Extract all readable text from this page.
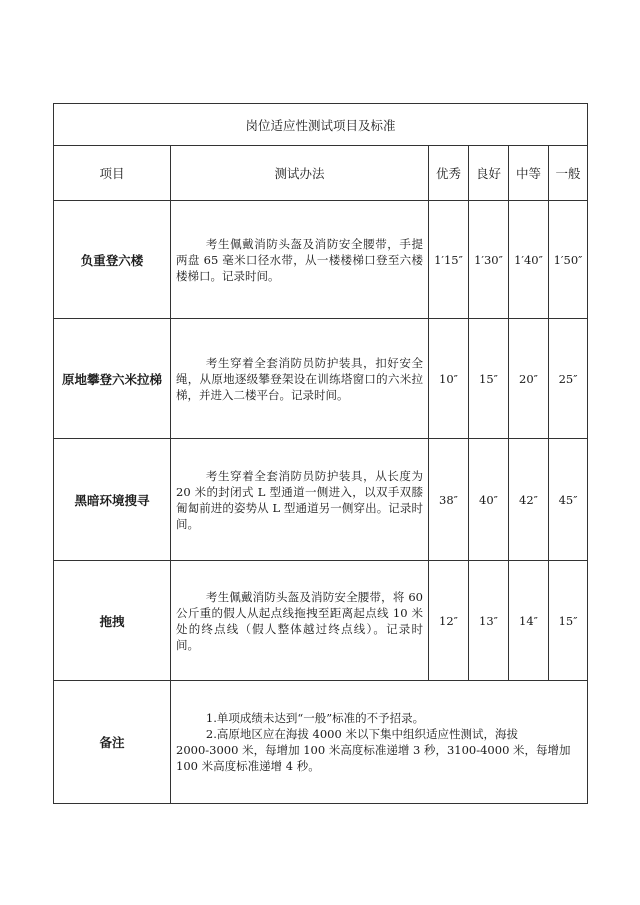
岗位适应性测试项目及标准					
项目	测试办法	优秀	良好	中等	一般
负重登六楼	考生佩戴消防头盔及消防安全腰带，手提两盘 65 毫米口径水带，从一楼楼梯口登至六楼楼梯口。记录时间。	1′15″	1′30″	1′40″	1′50″
原地攀登六米拉梯	考生穿着全套消防员防护装具，扣好安全绳，从原地逐级攀登架设在训练塔窗口的六米拉梯，并进入二楼平台。记录时间。	10″	15″	20″	25″
黑暗环境搜寻	考生穿着全套消防员防护装具，从长度为 20 米的封闭式 L 型通道一侧进入，以双手双膝匍匐前进的姿势从 L 型通道另一侧穿出。记录时间。	38″	40″	42″	45″
拖拽	考生佩戴消防头盔及消防安全腰带，将 60 公斤重的假人从起点线拖拽至距离起点线 10 米处的终点线（假人整体越过终点线）。记录时间。	12″	13″	14″	15″
备注	1.单项成绩未达到“一般”标准的不予招录。

2.高原地区应在海拔 4000 米以下集中组织适应性测试，海拔

2000-3000 米，每增加 100 米高度标准递增 3 秒，3100-4000 米，每增加 100 米高度标准递增 4 秒。				
